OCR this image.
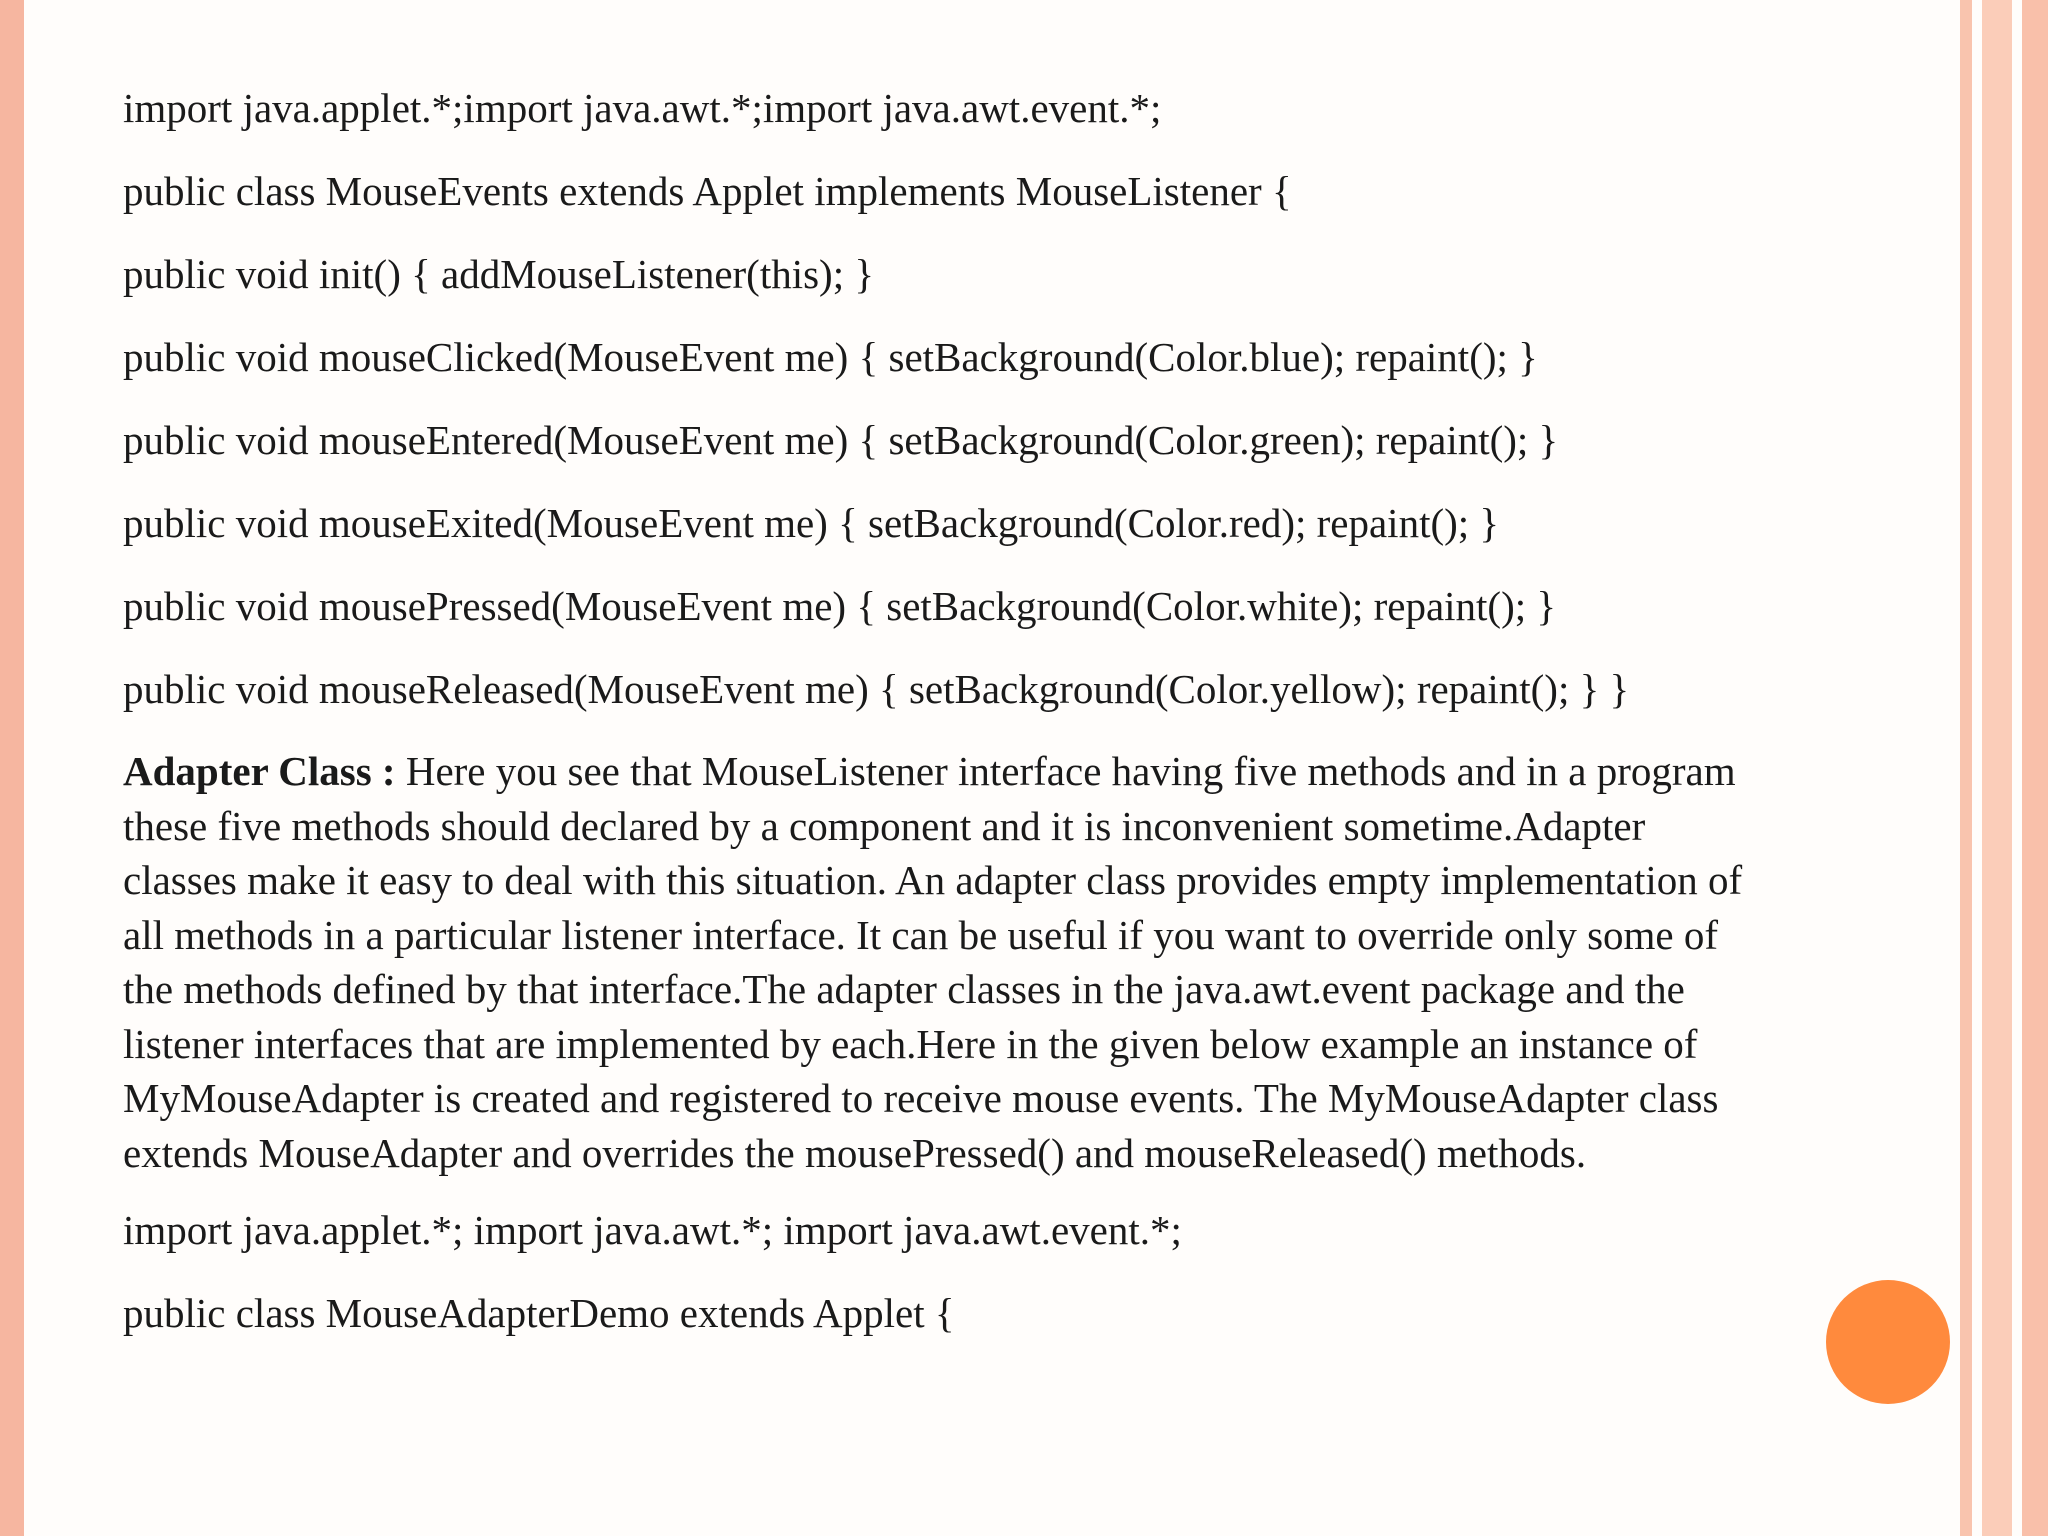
import java.applet.*;import java.awt.*;import java.awt.event.*;
public class MouseEvents extends Applet implements MouseListener {
public void init() { addMouseListener(this); }
public void mouseClicked(MouseEvent me) { setBackground(Color.blue); repaint(); }
public void mouseEntered(MouseEvent me) { setBackground(Color.green); repaint(); }
public void mouseExited(MouseEvent me) { setBackground(Color.red); repaint(); }
public void mousePressed(MouseEvent me) { setBackground(Color.white); repaint(); }
public void mouseReleased(MouseEvent me) { setBackground(Color.yellow); repaint(); } }
Adapter Class : Here you see that MouseListener interface having five methods and in a program
these five methods should declared by a component and it is inconvenient sometime.Adapter
classes make it easy to deal with this situation. An adapter class provides empty implementation of
all methods in a particular listener interface. It can be useful if you want to override only some of
the methods defined by that interface.The adapter classes in the java.awt.event package and the
listener interfaces that are implemented by each.Here in the given below example an instance of
MyMouseAdapter is created and registered to receive mouse events. The MyMouseAdapter class
extends MouseAdapter and overrides the mousePressed() and mouseReleased() methods.
import java.applet.*; import java.awt.*; import java.awt.event.*;
public class MouseAdapterDemo extends Applet {
